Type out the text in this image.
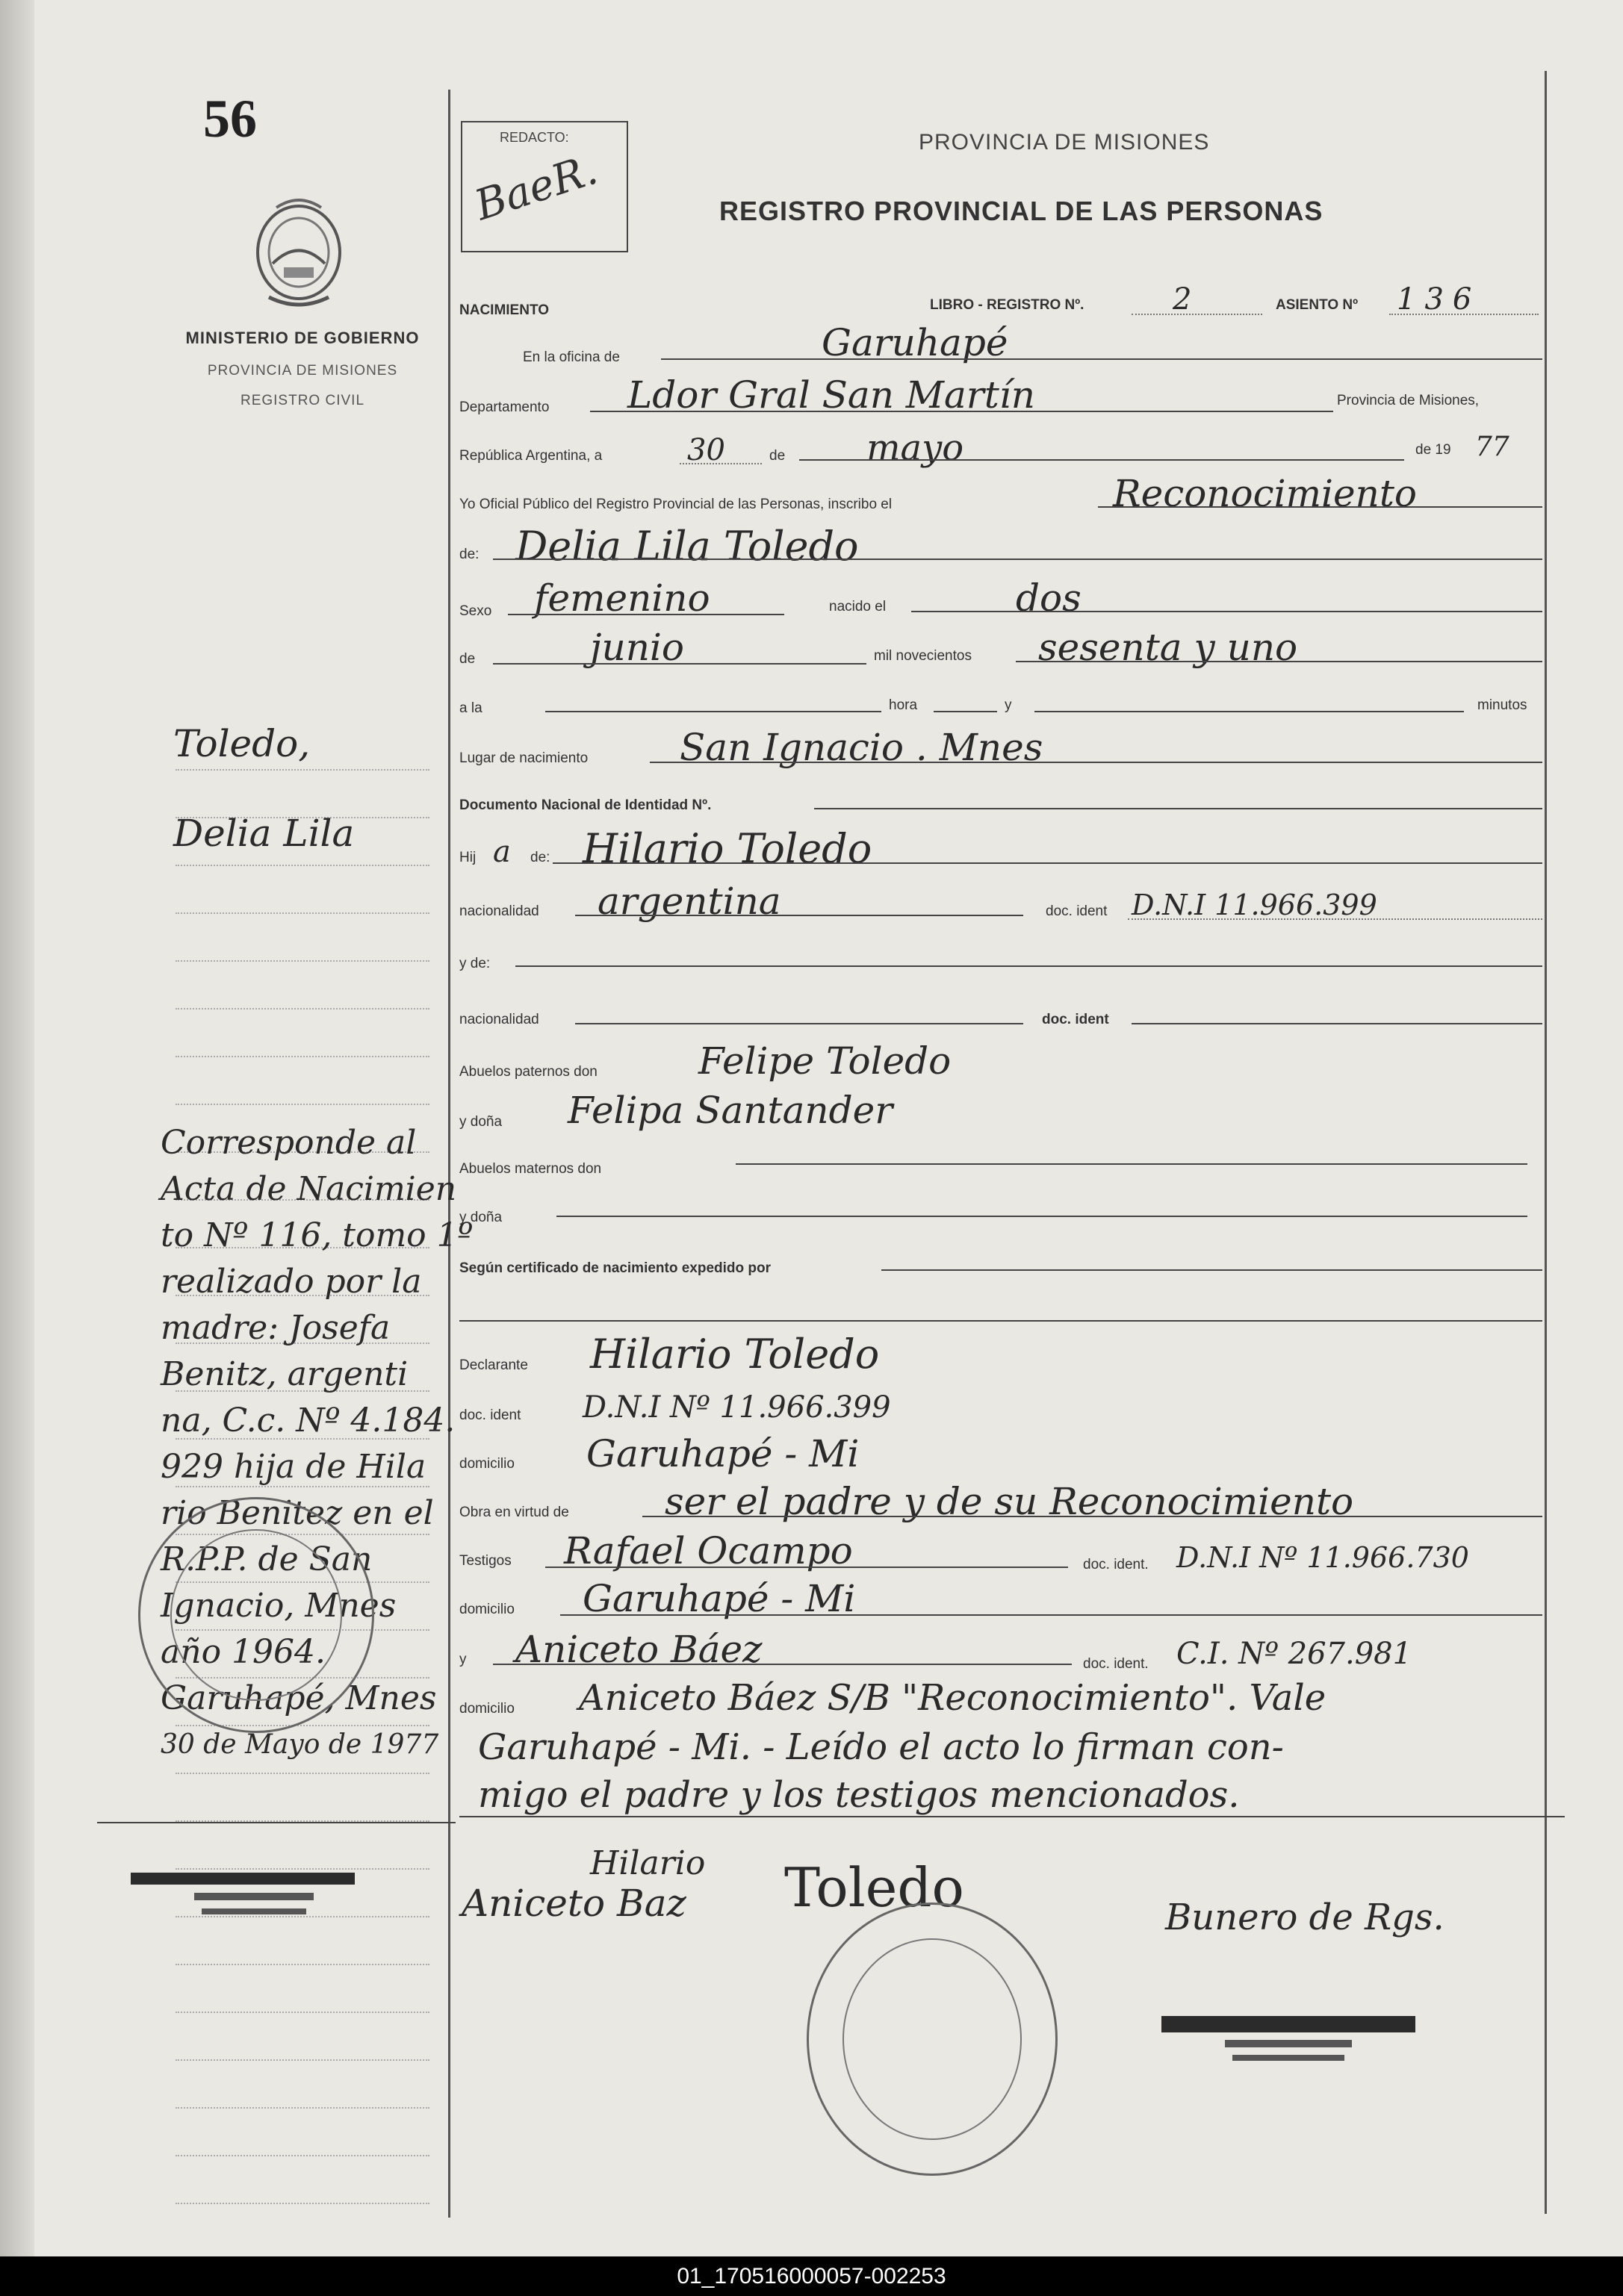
56
MINISTERIO DE GOBIERNO
PROVINCIA DE MISIONES
REGISTRO CIVIL
REDACTO:
BaeR.
PROVINCIA DE MISIONES
REGISTRO PROVINCIAL DE LAS PERSONAS
NACIMIENTO	LIBRO - REGISTRO Nº.	2	ASIENTO Nº 136
En la oficina de	Garuhapé
Departamento Ldor Gral San Martín	Provincia de Misiones,
República Argentina, a	30	de mayo	de 19 77
Yo Oficial Público del Registro Provincial de las Personas, inscribo el	Reconocimiento
de: Delia Lila Toledo
Sexo femenino	nacido el	dos
de	junio	mil novecientos sesenta y uno
a la	hora	y	minutos
Lugar de nacimiento San Ignacio . Mnes
Documento Nacional de Identidad Nº.
Hij a de: Hilario Toledo
nacionalidad argentina	doc. ident D.N.I 11.966.399
y de:
nacionalidad	doc. ident
Abuelos paternos don	Felipe Toledo
y doña Felipa Santander
Abuelos maternos don
y doña
Según certificado de nacimiento expedido por
Declarante Hilario Toledo
doc. ident D.N.I Nº 11.966.399
domicilio Garuhapé - Mi
Obra en virtud de	ser el padre y de su Reconocimiento
Testigos Rafael Ocampo	doc. ident. D.N.I Nº 11.966.730
domicilio Garuhapé - Mi
y Aniceto Báez	doc. ident. C.I. Nº 267.981
domicilio Aniceto Báez S/B "Reconocimiento". Vale
Garuhapé - Mi. - Leído el acto lo firman con-
migo el padre y los testigos mencionados.
Hilario
Aniceto Baz Toledo	Bunero de Rgs.
Toledo,
Delia Lila
Corresponde al
Acta de Nacimien
to Nº 116, tomo 1º
realizado por la
madre: Josefa
Benitz, argenti
na, C.c. Nº 4.184.
929 hija de Hila
rio Benitez en el
R.P.P. de San
Ignacio, Mnes
año 1964.
Garuhapé, Mnes
30 de Mayo de 1977
01_170516000057-002253
